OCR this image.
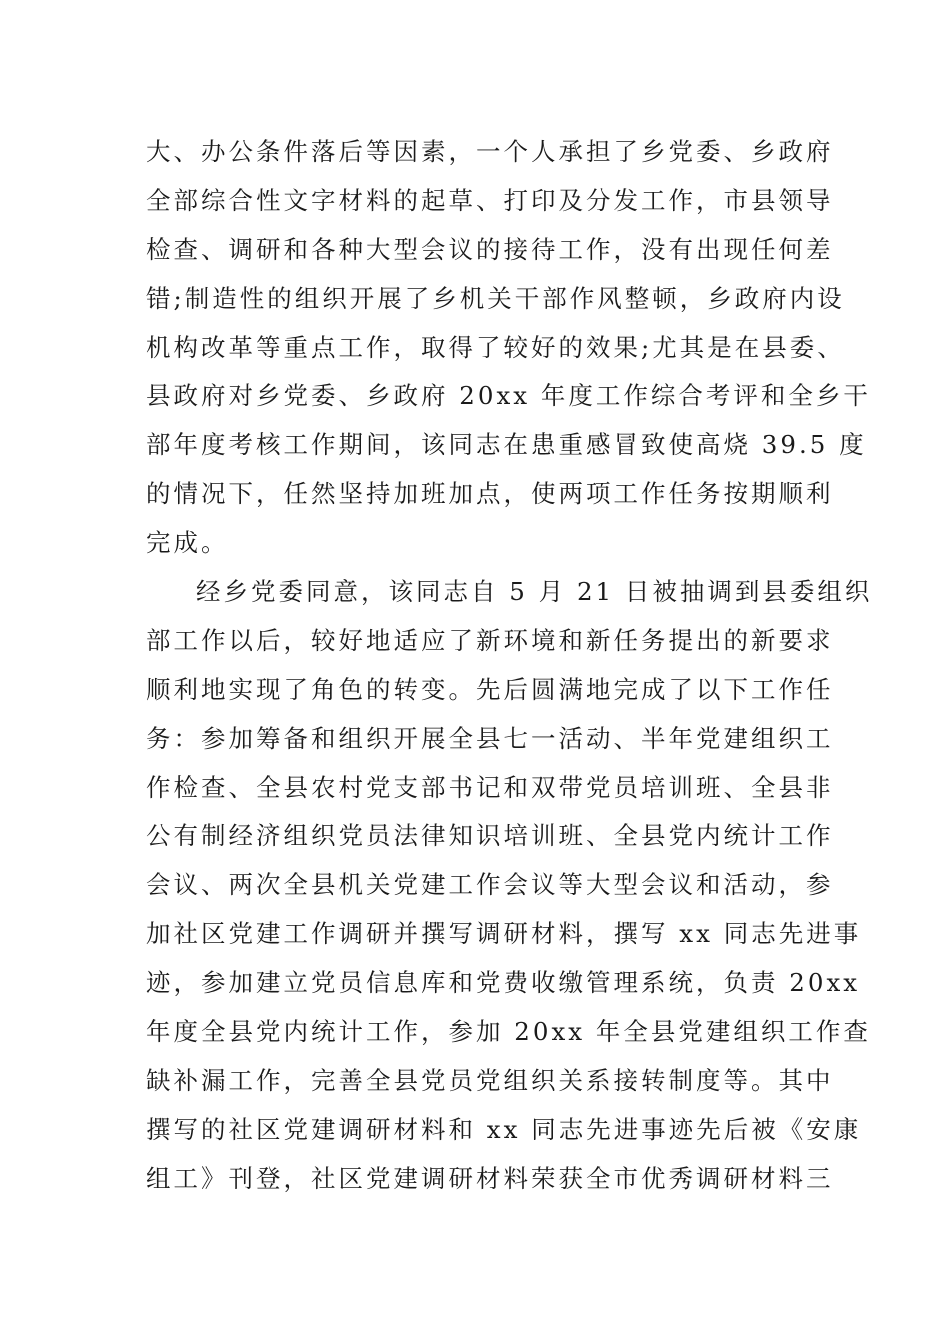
大、办公条件落后等因素，一个人承担了乡党委、乡政府
全部综合性文字材料的起草、打印及分发工作，市县领导
检查、调研和各种大型会议的接待工作，没有出现任何差
错;制造性的组织开展了乡机关干部作风整顿，乡政府内设
机构改革等重点工作，取得了较好的效果;尤其是在县委、
县政府对乡党委、乡政府 20xx 年度工作综合考评和全乡干
部年度考核工作期间，该同志在患重感冒致使高烧 39.5 度
的情况下，任然坚持加班加点，使两项工作任务按期顺利
完成。
经乡党委同意，该同志自 5 月 21 日被抽调到县委组织
部工作以后，较好地适应了新环境和新任务提出的新要求
顺利地实现了角色的转变。先后圆满地完成了以下工作任
务：参加筹备和组织开展全县七一活动、半年党建组织工
作检查、全县农村党支部书记和双带党员培训班、全县非
公有制经济组织党员法律知识培训班、全县党内统计工作
会议、两次全县机关党建工作会议等大型会议和活动，参
加社区党建工作调研并撰写调研材料，撰写 xx 同志先进事
迹，参加建立党员信息库和党费收缴管理系统，负责 20xx
年度全县党内统计工作，参加 20xx 年全县党建组织工作查
缺补漏工作，完善全县党员党组织关系接转制度等。其中
撰写的社区党建调研材料和 xx 同志先进事迹先后被《安康
组工》刊登，社区党建调研材料荣获全市优秀调研材料三
